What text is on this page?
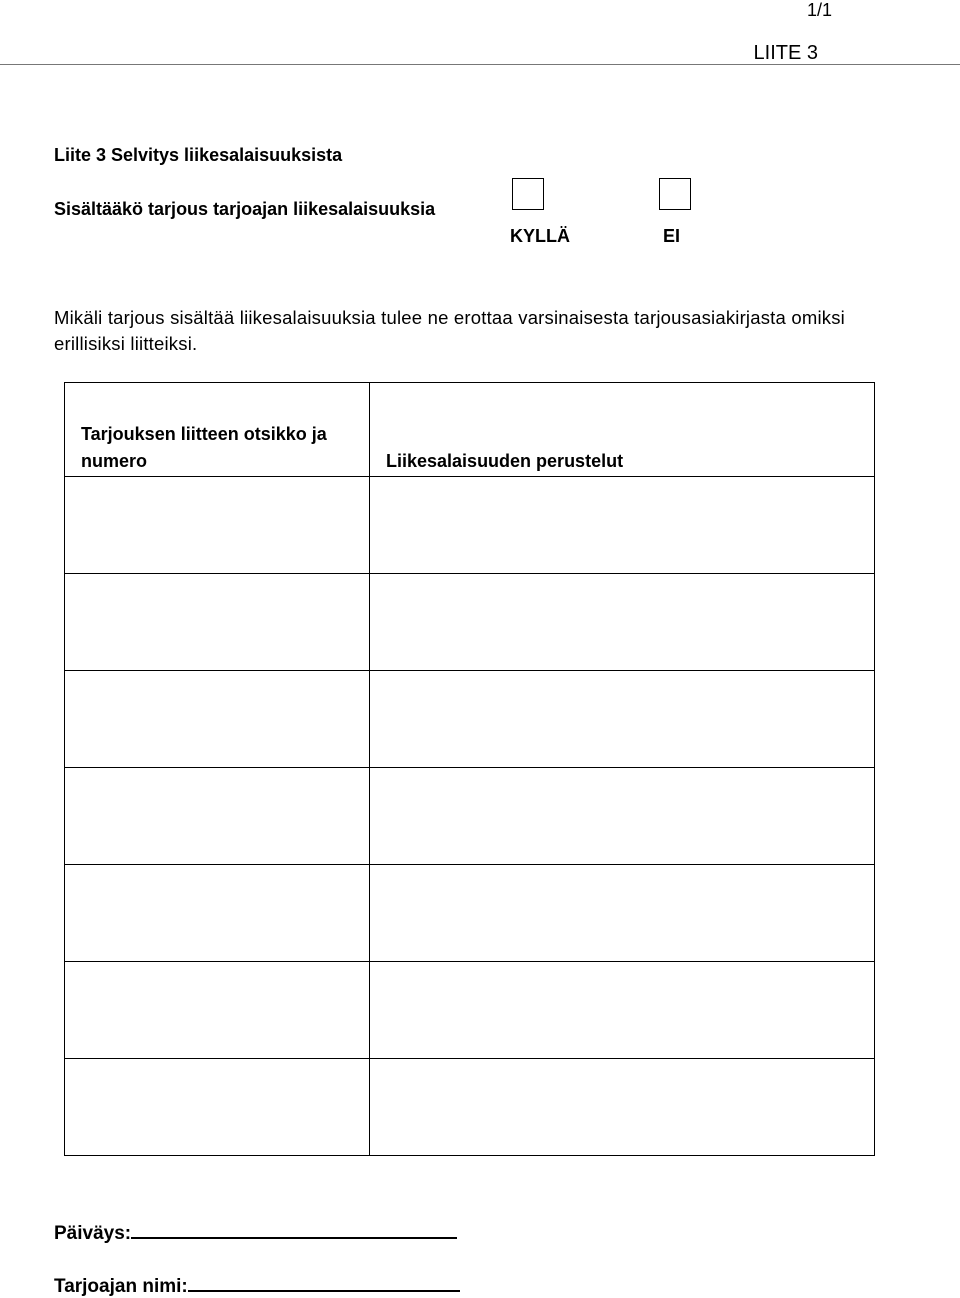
1/1
LIITE 3
Liite 3 Selvitys liikesalaisuuksista
Sisältääkö tarjous tarjoajan liikesalaisuuksia
KYLLÄ	EI
Mikäli tarjous sisältää liikesalaisuuksia tulee ne erottaa varsinaisesta tarjousasiakirjasta omiksi erillisiksi liitteiksi.
Tarjouksen liitteen otsikko ja numero	Liikesalaisuuden perustelut

Päiväys:
Tarjoajan nimi:
